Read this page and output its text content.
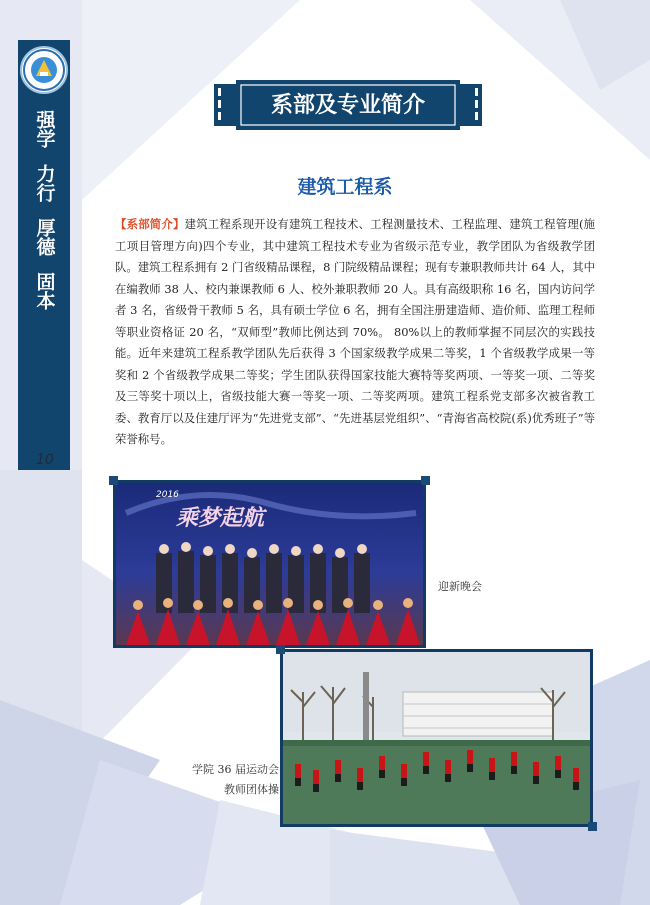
强学
力行
厚德
固本
10
系部及专业简介
建筑工程系
【系部简介】建筑工程系现开设有建筑工程技术、工程测量技术、工程监理、建筑工程管理(施工项目管理方向)四个专业，其中建筑工程技术专业为省级示范专业，教学团队为省级教学团队。建筑工程系拥有 2 门省级精品课程，8 门院级精品课程；现有专兼职教师共计 64 人，其中在编教师 38 人、校内兼课教师 6 人、校外兼职教师 20 人。具有高级职称 16 名，国内访问学者 3 名，省级骨干教师 5 名，具有硕士学位 6 名，拥有全国注册建造师、造价师、监理工程师等职业资格证 20 名，“双师型”教师比例达到 70%。 80%以上的教师掌握不同层次的实践技能。近年来建筑工程系教学团队先后获得 3 个国家级教学成果二等奖，1 个省级教学成果一等奖和 2 个省级教学成果二等奖；学生团队获得国家技能大赛特等奖两项、一等奖一项、二等奖及三等奖十项以上，省级技能大赛一等奖一项、二等奖两项。建筑工程系党支部多次被省教工委、教育厅以及住建厅评为“先进党支部”、“先进基层党组织”、“青海省高校院(系)优秀班子”等荣誉称号。
2016
乘梦起航
迎新晚会
学院 36 届运动会教师团体操
